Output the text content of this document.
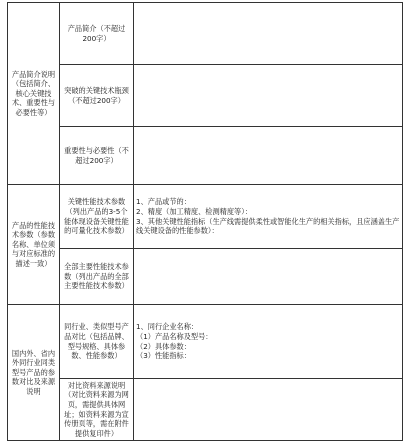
产品简介说明（包括简介、核心关键技术、重要性与必要性等）	产品简介（不超过200字）	
	突破的关键技术瓶颈（不超过200字）	
	重要性与必要性（不超过200字）	
产品的性能技术参数（参数名称、单位须与对应标准的描述一致）	关键性能技术参数（列出产品的3-5个能体现设备关键性能的可量化技术参数）	1、产品或节的：
2、精度（加工精度、检测精度等）：
3、其他关键性能指标（生产线需提供柔性或智能化生产的相关指标，且应涵盖生产线关键设备的性能参数）：

	全部主要性能技术参数（列出产品的全部主要性能技术参数）	
国内外、省内外同行业同类型号产品的参数对比及来源说明	同行业、类似型号产品对比（包括品牌、型号规格、具体参数、性能参数）	1、同行企业名称：
（1）产品名称及型号：
（2）具体参数：
（3）性能指标：

	对比资料来源说明（对比资料来源为网页，需提供具体网址；如资料来源为宣传册页等，需在附件提供复印件）	
